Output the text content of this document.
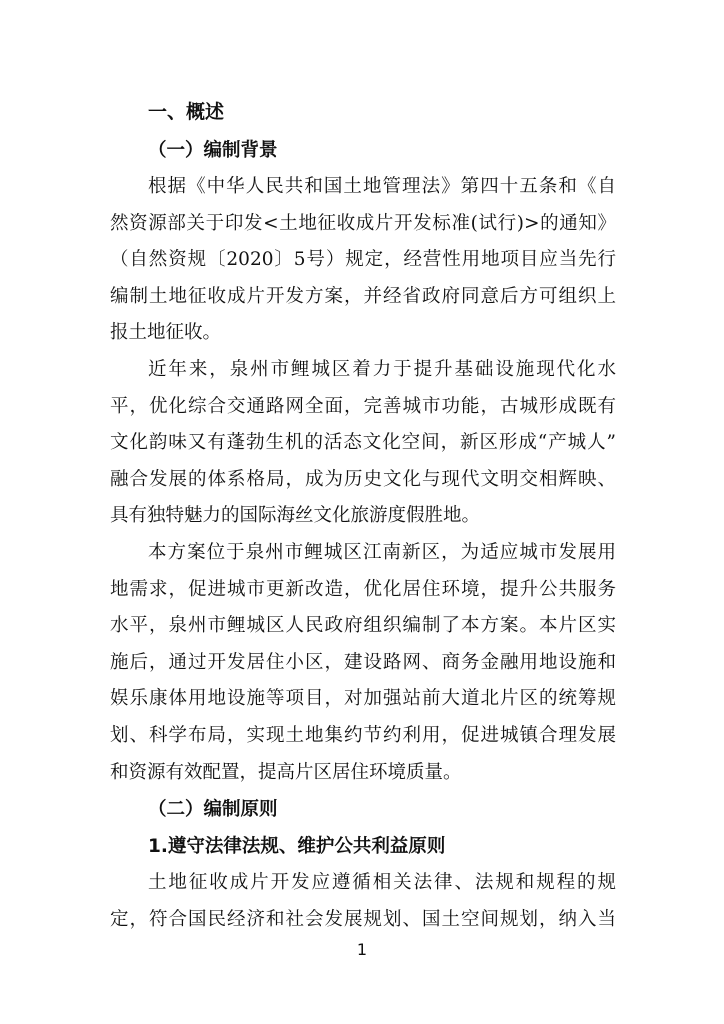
一、概述
（一）编制背景

根据《中华人民共和国土地管理法》第四十五条和《自
然资源部关于印发<土地征收成片开发标准(试行)>的通知》
（自然资规〔2020〕5号）规定，经营性用地项目应当先行
编制土地征收成片开发方案，并经省政府同意后方可组织上
报土地征收。

近年来，泉州市鲤城区着力于提升基础设施现代化水
平，优化综合交通路网全面，完善城市功能，古城形成既有
文化韵味又有蓬勃生机的活态文化空间，新区形成“产城人”
融合发展的体系格局，成为历史文化与现代文明交相辉映、
具有独特魅力的国际海丝文化旅游度假胜地。

本方案位于泉州市鲤城区江南新区，为适应城市发展用
地需求，促进城市更新改造，优化居住环境，提升公共服务
水平，泉州市鲤城区人民政府组织编制了本方案。本片区实
施后，通过开发居住小区，建设路网、商务金融用地设施和
娱乐康体用地设施等项目，对加强站前大道北片区的统筹规
划、科学布局，实现土地集约节约利用，促进城镇合理发展
和资源有效配置，提高片区居住环境质量。

（二）编制原则
1.遵守法律法规、维护公共利益原则

土地征收成片开发应遵循相关法律、法规和规程的规
定，符合国民经济和社会发展规划、国土空间规划，纳入当

1
